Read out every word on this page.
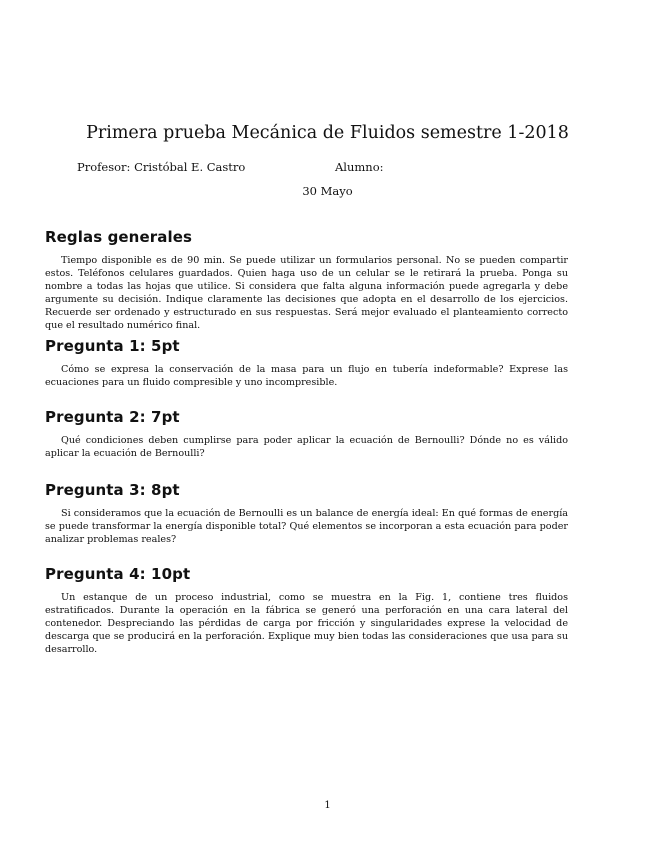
Primera prueba Mecánica de Fluidos semestre 1-2018
Profesor: Cristóbal E. Castro	Alumno:
30 Mayo
Reglas generales

Tiempo disponible es de 90 min. Se puede utilizar un formularios personal. No se pueden compartir estos. Teléfonos celulares guardados. Quien haga uso de un celular se le retirará la prueba. Ponga su nombre a todas las hojas que utilice. Si considera que falta alguna información puede agregarla y debe argumente su decisión. Indique claramente las decisiones que adopta en el desarrollo de los ejercicios. Recuerde ser ordenado y estructurado en sus respuestas. Será mejor evaluado el planteamiento correcto que el resultado numérico final.

Pregunta 1: 5pt

Cómo se expresa la conservación de la masa para un flujo en tubería indeformable? Exprese las ecuaciones para un fluido compresible y uno incompresible.

Pregunta 2: 7pt

Qué condiciones deben cumplirse para poder aplicar la ecuación de Bernoulli? Dónde no es válido aplicar la ecuación de Bernoulli?

Pregunta 3: 8pt

Si consideramos que la ecuación de Bernoulli es un balance de energía ideal: En qué formas de energía se puede transformar la energía disponible total? Qué elementos se incorporan a esta ecuación para poder analizar problemas reales?

Pregunta 4: 10pt

Un estanque de un proceso industrial, como se muestra en la Fig. 1, contiene tres fluidos estratificados. Durante la operación en la fábrica se generó una perforación en una cara lateral del contenedor. Despreciando las pérdidas de carga por fricción y singularidades exprese la velocidad de descarga que se producirá en la perforación. Explique muy bien todas las consideraciones que usa para su desarrollo.

1
